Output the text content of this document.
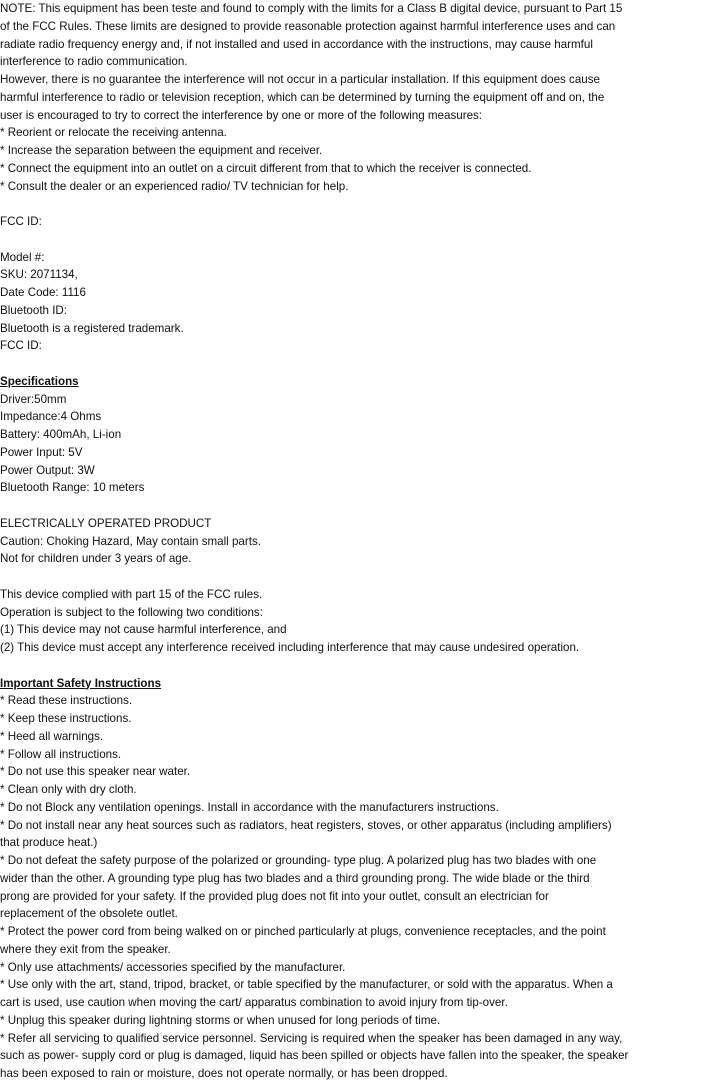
NOTE: This equipment has been teste and found to comply with the limits for a Class B digital device, pursuant to Part 15
of the FCC Rules. These limits are designed to provide reasonable protection against harmful interference uses and can
radiate radio frequency energy and, if not installed and used in accordance with the instructions, may cause harmful
interference to radio communication.
However, there is no guarantee the interference will not occur in a particular installation. If this equipment does cause
harmful interference to radio or television reception, which can be determined by turning the equipment off and on, the
user is encouraged to try to correct the interference by one or more of the following measures:
* Reorient or relocate the receiving antenna.
* Increase the separation between the equipment and receiver.
* Connect the equipment into an outlet on a circuit different from that to which the receiver is connected.
* Consult the dealer or an experienced radio/ TV technician for help.
FCC ID:
Model #:
SKU: 2071134,
Date Code: 1116
Bluetooth ID:
Bluetooth is a registered trademark.
FCC ID:
Specifications
Driver:50mm
Impedance:4 Ohms
Battery: 400mAh, Li-ion
Power Input: 5V
Power Output: 3W
Bluetooth Range: 10 meters
ELECTRICALLY OPERATED PRODUCT
Caution: Choking Hazard, May contain small parts.
Not for children under 3 years of age.
This device complied with part 15 of the FCC rules.
Operation is subject to the following two conditions:
(1) This device may not cause harmful interference, and
(2) This device must accept any interference received including interference that may cause undesired operation.
Important Safety Instructions
* Read these instructions.
* Keep these instructions.
* Heed all warnings.
* Follow all instructions.
* Do not use this speaker near water.
* Clean only with dry cloth.
* Do not Block any ventilation openings. Install in accordance with the manufacturers instructions.
* Do not install near any heat sources such as radiators, heat registers, stoves, or other apparatus (including amplifiers)
that produce heat.)
* Do not defeat the safety purpose of the polarized or grounding- type plug. A polarized plug has two blades with one
wider than the other. A grounding type plug has two blades and a third grounding prong. The wide blade or the third
prong are provided for your safety. If the provided plug does not fit into your outlet, consult an electrician for
replacement of the obsolete outlet.
* Protect the power cord from being walked on or pinched particularly at plugs, convenience receptacles, and the point
where they exit from the speaker.
* Only use attachments/ accessories specified by the manufacturer.
* Use only with the art, stand, tripod, bracket, or table specified by the manufacturer, or sold with the apparatus. When a
cart is used, use caution when moving the cart/ apparatus combination to avoid injury from tip-over.
* Unplug this speaker during lightning storms or when unused for long periods of time.
* Refer all servicing to qualified service personnel. Servicing is required when the speaker has been damaged in any way,
such as power- supply cord or plug is damaged, liquid has been spilled or objects have fallen into the speaker, the speaker
has been exposed to rain or moisture, does not operate normally, or has been dropped.
